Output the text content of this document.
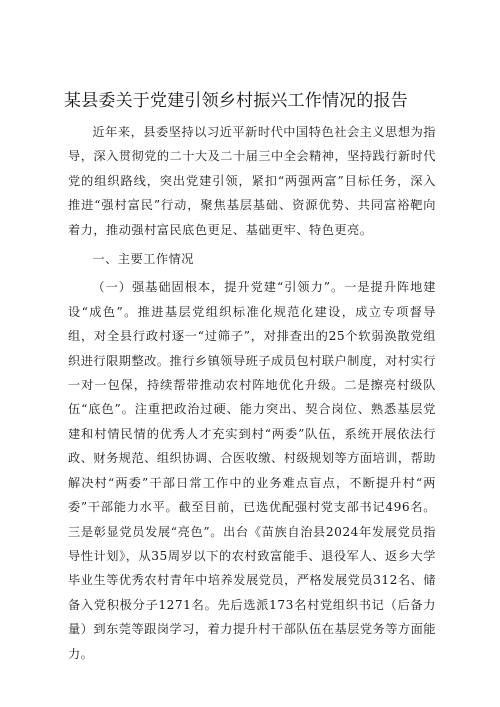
某县委关于党建引领乡村振兴工作情况的报告

近年来，县委坚持以习近平新时代中国特色社会主义思想为指导，深入贯彻党的二十大及二十届三中全会精神，坚持践行新时代党的组织路线，突出党建引领，紧扣“两强两富”目标任务，深入推进“强村富民”行动，聚焦基层基础、资源优势、共同富裕靶向着力，推动强村富民底色更足、基础更牢、特色更亮。

一、主要工作情况

（一）强基础固根本，提升党建“引领力”。一是提升阵地建设“成色”。推进基层党组织标准化规范化建设，成立专项督导组，对全县行政村逐一“过筛子”，对排查出的25个软弱涣散党组织进行限期整改。推行乡镇领导班子成员包村联户制度，对村实行一对一包保，持续帮带推动农村阵地优化升级。二是擦亮村级队伍“底色”。注重把政治过硬、能力突出、契合岗位、熟悉基层党建和村情民情的优秀人才充实到村“两委”队伍，系统开展依法行政、财务规范、组织协调、合医收缴、村级规划等方面培训，帮助解决村“两委”干部日常工作中的业务难点盲点，不断提升村“两委”干部能力水平。截至目前，已选优配强村党支部书记496名。三是彰显党员发展“亮色”。出台《苗族自治县2024年发展党员指导性计划》，从35周岁以下的农村致富能手、退役军人、返乡大学毕业生等优秀农村青年中培养发展党员，严格发展党员312名、储备入党积极分子1271名。先后选派173名村党组织书记（后备力量）到东莞等跟岗学习，着力提升村干部队伍在基层党务等方面能力。
